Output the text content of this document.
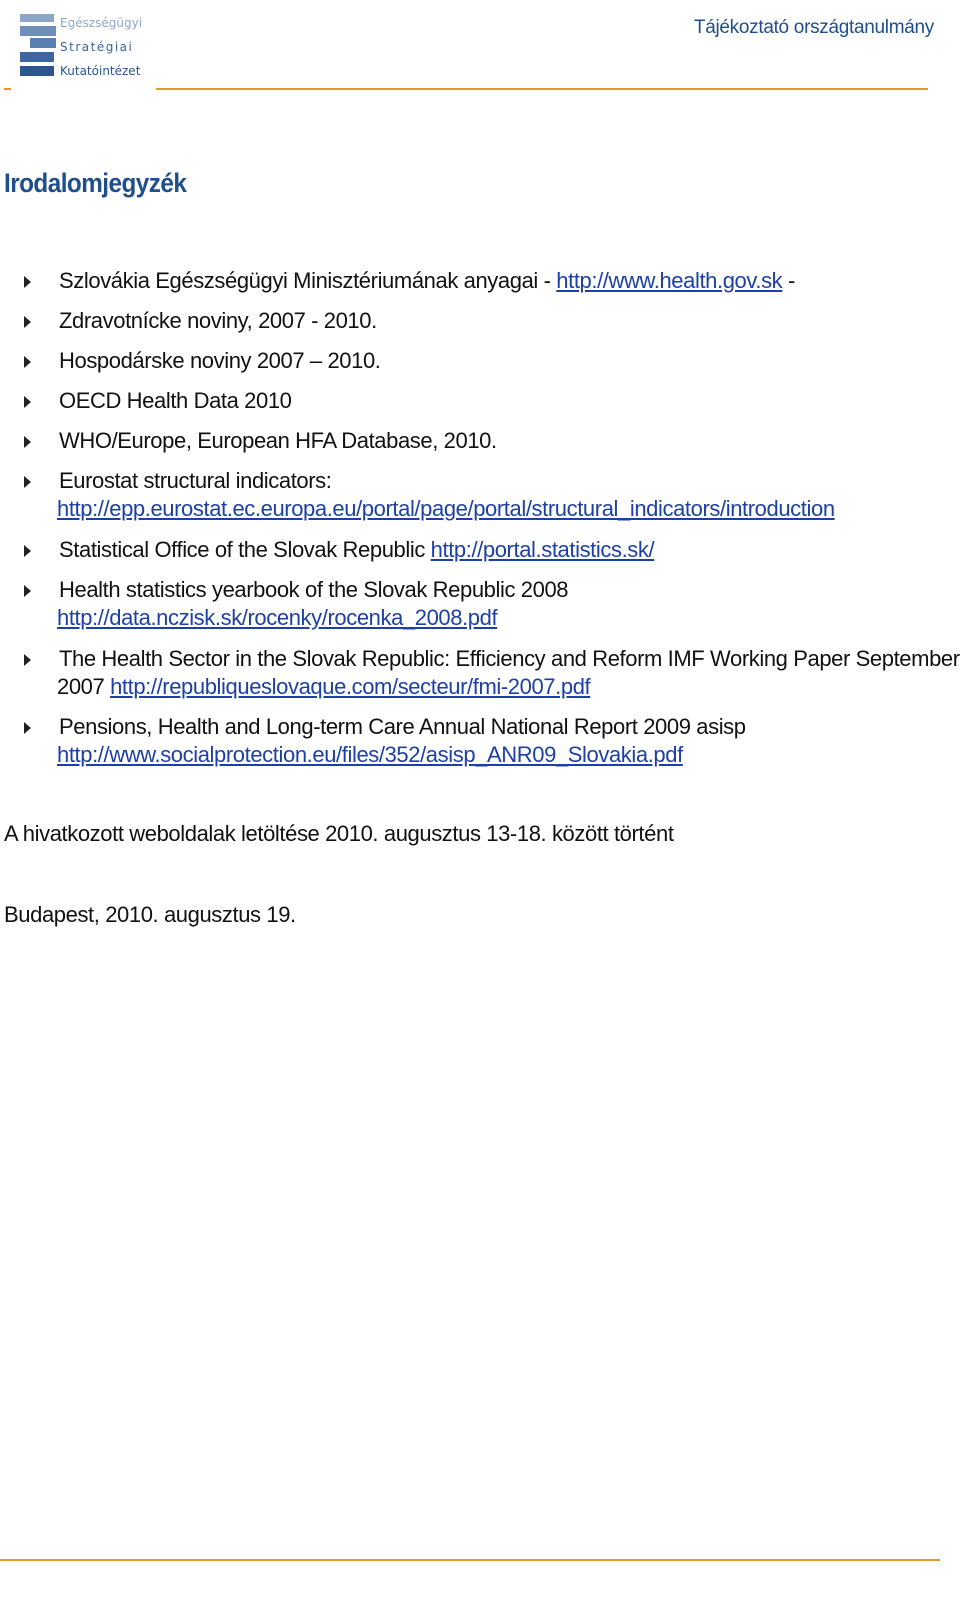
Egészségügyi
Stratégiai
Kutatóintézet
Tájékoztató országtanulmány
Irodalomjegyzék
Szlovákia Egészségügyi Minisztériumának anyagai - http://www.health.gov.sk -
Zdravotnícke noviny, 2007 - 2010.
Hospodárske noviny 2007 – 2010.
OECD Health Data 2010
WHO/Europe, European HFA Database, 2010.
Eurostat structural indicators:
http://epp.eurostat.ec.europa.eu/portal/page/portal/structural_indicators/introduction
Statistical Office of the Slovak Republic http://portal.statistics.sk/
Health statistics yearbook of the Slovak Republic 2008
http://data.nczisk.sk/rocenky/rocenka_2008.pdf
The Health Sector in the Slovak Republic: Efficiency and Reform IMF Working Paper September
2007 http://republiqueslovaque.com/secteur/fmi-2007.pdf
Pensions, Health and Long-term Care Annual National Report 2009 asisp
http://www.socialprotection.eu/files/352/asisp_ANR09_Slovakia.pdf
A hivatkozott weboldalak letöltése 2010. augusztus 13-18. között történt
Budapest, 2010. augusztus 19.
